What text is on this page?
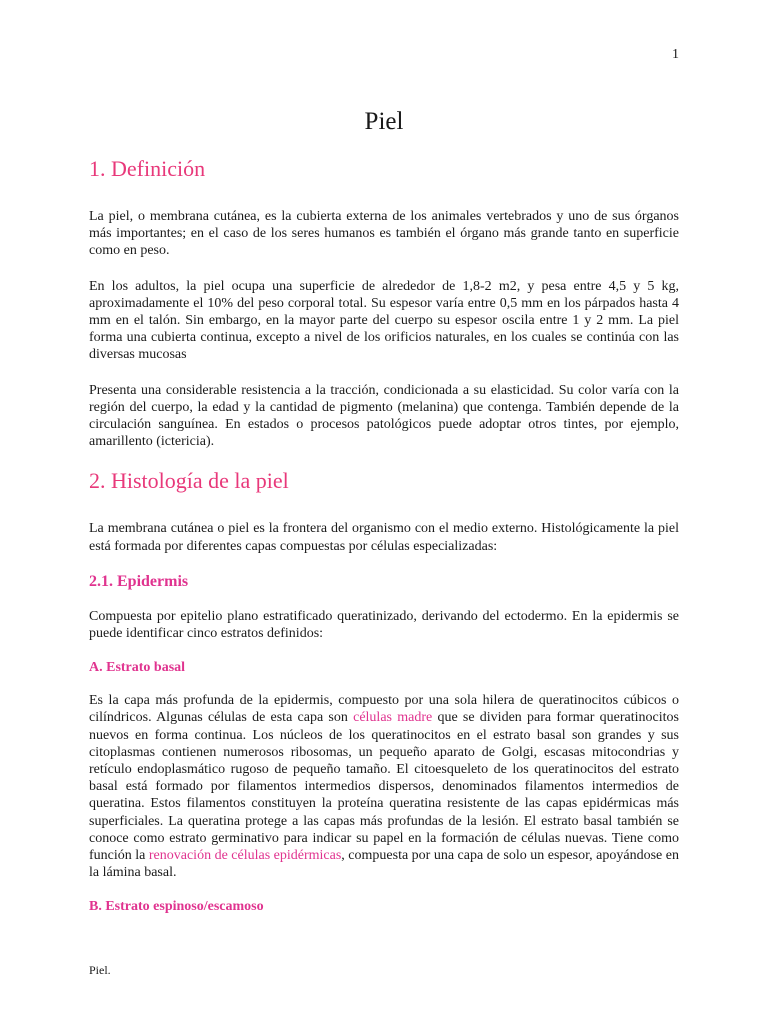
1
Piel
1. Definición

La piel, o membrana cutánea, es la cubierta externa de los animales vertebrados y uno de sus órganos más importantes; en el caso de los seres humanos es también el órgano más grande tanto en superficie como en peso.

En los adultos, la piel ocupa una superficie de alrededor de 1,8-2 m2, y pesa entre 4,5 y 5 kg, aproximadamente el 10% del peso corporal total. Su espesor varía entre 0,5 mm en los párpados hasta 4 mm en el talón. Sin embargo, en la mayor parte del cuerpo su espesor oscila entre 1 y 2 mm. La piel forma una cubierta continua, excepto a nivel de los orificios naturales, en los cuales se continúa con las diversas mucosas

Presenta una considerable resistencia a la tracción, condicionada a su elasticidad. Su color varía con la región del cuerpo, la edad y la cantidad de pigmento (melanina) que contenga. También depende de la circulación sanguínea. En estados o procesos patológicos puede adoptar otros tintes, por ejemplo, amarillento (ictericia).

2. Histología de la piel

La membrana cutánea o piel es la frontera del organismo con el medio externo. Histológicamente la piel está formada por diferentes capas compuestas por células especializadas:

2.1. Epidermis

Compuesta por epitelio plano estratificado queratinizado, derivando del ectodermo. En la epidermis se puede identificar cinco estratos definidos:

A. Estrato basal

Es la capa más profunda de la epidermis, compuesto por una sola hilera de queratinocitos cúbicos o cilíndricos. Algunas células de esta capa son células madre que se dividen para formar queratinocitos nuevos en forma continua. Los núcleos de los queratinocitos en el estrato basal son grandes y sus citoplasmas contienen numerosos ribosomas, un pequeño aparato de Golgi, escasas mitocondrias y retículo endoplasmático rugoso de pequeño tamaño. El citoesqueleto de los queratinocitos del estrato basal está formado por filamentos intermedios dispersos, denominados filamentos intermedios de queratina. Estos filamentos constituyen la proteína queratina resistente de las capas epidérmicas más superficiales. La queratina protege a las capas más profundas de la lesión. El estrato basal también se conoce como estrato germinativo para indicar su papel en la formación de células nuevas. Tiene como función la renovación de células epidérmicas, compuesta por una capa de solo un espesor, apoyándose en la lámina basal.

B. Estrato espinoso/escamoso
Piel.
